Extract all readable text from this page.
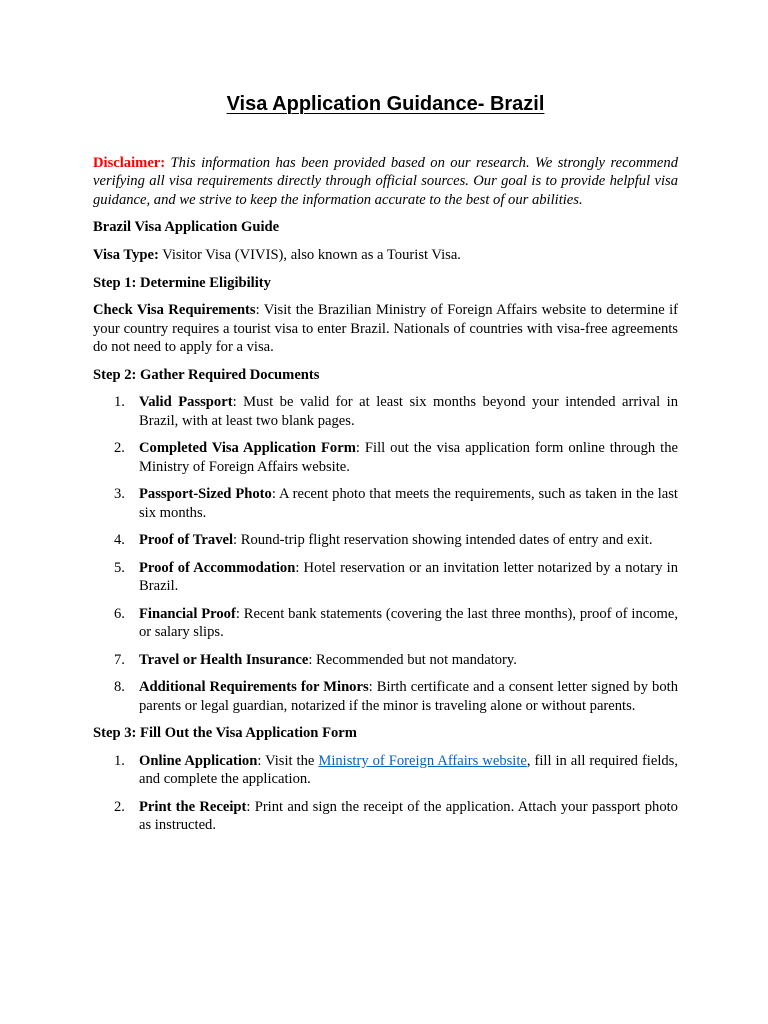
Visa Application Guidance- Brazil

Disclaimer: This information has been provided based on our research. We strongly recommend verifying all visa requirements directly through official sources. Our goal is to provide helpful visa guidance, and we strive to keep the information accurate to the best of our abilities.

Brazil Visa Application Guide

Visa Type: Visitor Visa (VIVIS), also known as a Tourist Visa.

Step 1: Determine Eligibility

Check Visa Requirements: Visit the Brazilian Ministry of Foreign Affairs website to determine if your country requires a tourist visa to enter Brazil. Nationals of countries with visa-free agreements do not need to apply for a visa.

Step 2: Gather Required Documents

1. Valid Passport: Must be valid for at least six months beyond your intended arrival in Brazil, with at least two blank pages.
2. Completed Visa Application Form: Fill out the visa application form online through the Ministry of Foreign Affairs website.
3. Passport-Sized Photo: A recent photo that meets the requirements, such as taken in the last six months.
4. Proof of Travel: Round-trip flight reservation showing intended dates of entry and exit.
5. Proof of Accommodation: Hotel reservation or an invitation letter notarized by a notary in Brazil.
6. Financial Proof: Recent bank statements (covering the last three months), proof of income, or salary slips.
7. Travel or Health Insurance: Recommended but not mandatory.
8. Additional Requirements for Minors: Birth certificate and a consent letter signed by both parents or legal guardian, notarized if the minor is traveling alone or without parents.

Step 3: Fill Out the Visa Application Form

1. Online Application: Visit the Ministry of Foreign Affairs website, fill in all required fields, and complete the application.
2. Print the Receipt: Print and sign the receipt of the application. Attach your passport photo as instructed.
